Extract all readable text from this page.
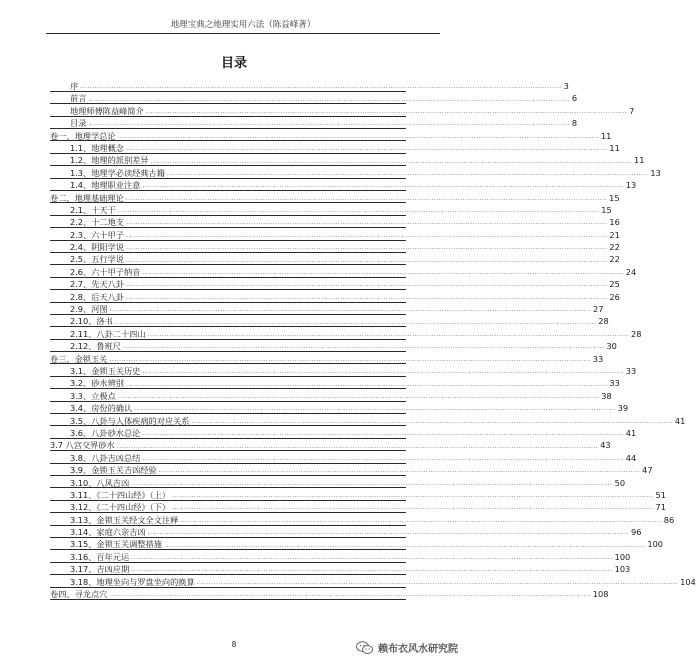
地理宝典之地理实用六法（陈益峰著）
目录
序 ........................................................................................................................................................................................................ 3
前言 ........................................................................................................................................................................................................ 6
地理师傅陈益峰简介 ........................................................................................................................................................................................................ 7
目录 ........................................................................................................................................................................................................ 8
卷一、地理学总论 ........................................................................................................................................................................................................ 11
1.1、地理概念 ........................................................................................................................................................................................................ 11
1.2、地理的派别差异 ........................................................................................................................................................................................................ 11
1.3、地理学必读经典古籍 ........................................................................................................................................................................................................ 13
1.4、地理职业注意 ........................................................................................................................................................................................................ 13
卷二、地理基础理论 ........................................................................................................................................................................................................ 15
2.1、十天干 ........................................................................................................................................................................................................ 15
2.2、十二地支 ........................................................................................................................................................................................................ 16
2.3、六十甲子 ........................................................................................................................................................................................................ 21
2.4、阴阳学说 ........................................................................................................................................................................................................ 22
2.5、五行学说 ........................................................................................................................................................................................................ 22
2.6、六十甲子纳音 ........................................................................................................................................................................................................ 24
2.7、先天八卦 ........................................................................................................................................................................................................ 25
2.8、后天八卦 ........................................................................................................................................................................................................ 26
2.9、河图 ........................................................................................................................................................................................................ 27
2.10、洛书 ........................................................................................................................................................................................................ 28
2.11、八卦二十四山 ........................................................................................................................................................................................................ 28
2.12、鲁班尺 ........................................................................................................................................................................................................ 30
卷三、金锁玉关 ........................................................................................................................................................................................................ 33
3.1、金锁玉关历史 ........................................................................................................................................................................................................ 33
3.2、砂水辨别 ........................................................................................................................................................................................................ 33
3.3、立极点 ........................................................................................................................................................................................................ 38
3.4、房份的确认 ........................................................................................................................................................................................................ 39
3.5、八卦与人体疾病的对应关系 ........................................................................................................................................................................................................ 41
3.6、八卦砂水总论 ........................................................................................................................................................................................................ 41
3.7 八宫交界砂水 ........................................................................................................................................................................................................ 43
3.8、八卦吉凶总结 ........................................................................................................................................................................................................ 44
3.9、金锁玉关吉凶经验 ........................................................................................................................................................................................................ 47
3.10、八风吉凶 ........................................................................................................................................................................................................ 50
3.11、《二十四山经》（上） ........................................................................................................................................................................................................ 51
3.12、《二十四山经》（下） ........................................................................................................................................................................................................ 71
3.13、金锁玉关经文全文注释 ........................................................................................................................................................................................................ 86
3.14、家庭六亲吉凶 ........................................................................................................................................................................................................ 96
3.15、金锁玉关调整措施 ........................................................................................................................................................................................................ 100
3.16、百年元运 ........................................................................................................................................................................................................ 100
3.17、吉凶应期 ........................................................................................................................................................................................................ 103
3.18、地理坐向与罗盘坐向的换算 ........................................................................................................................................................................................................ 104
卷四、寻龙点穴 ........................................................................................................................................................................................................ 108
8	赖布衣风水研究院
